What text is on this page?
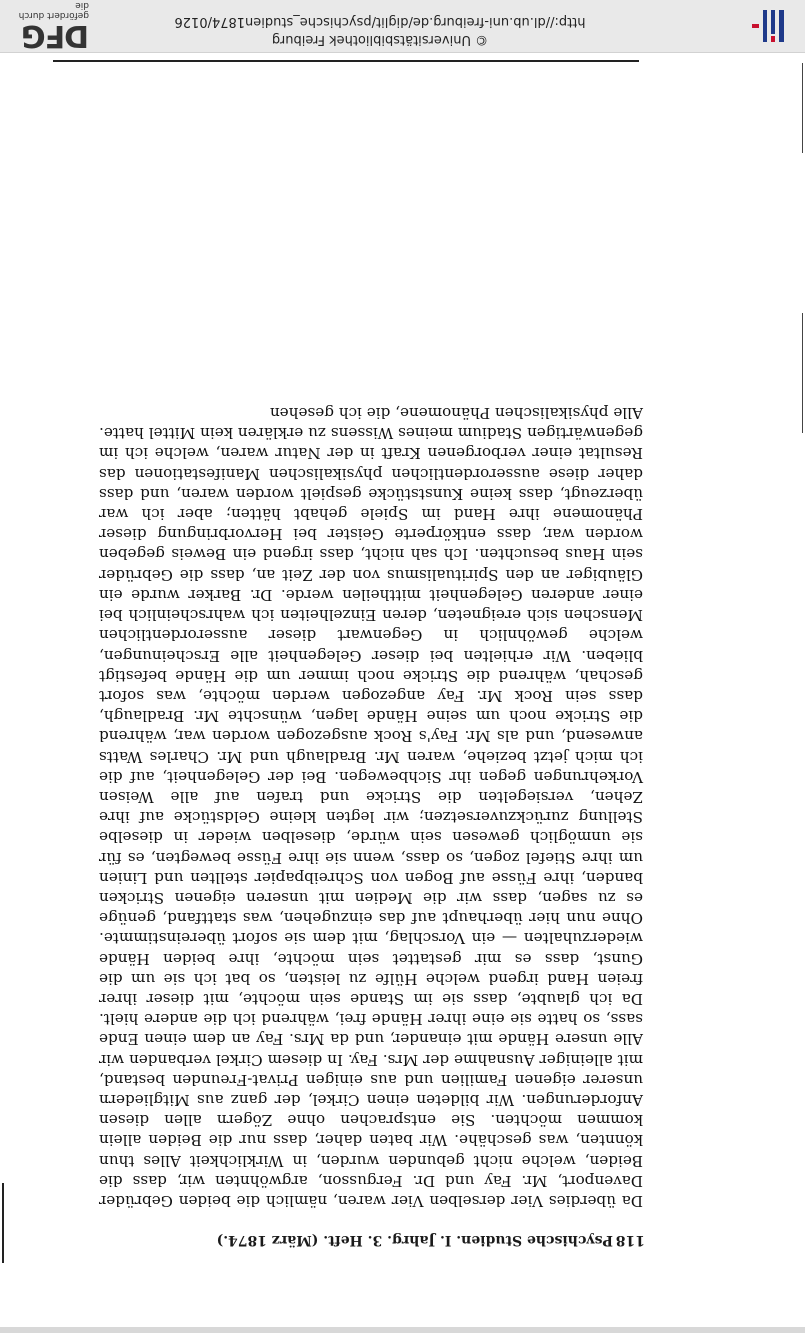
118
Psychische Studien. I. Jahrg. 3. Heft. (März 1874.)

Da überdies Vier derselben Vier waren, nämlich die beiden Gebrüder Davenport, Mr. Fay und Dr. Fergusson, argwöhnten wir, dass die Beiden, welche nicht gebunden wurden, in Wirklichkeit Alles thun könnten, was geschähe. Wir baten daher, dass nur die Beiden allein kommen möchten. Sie entsprachen ohne Zögern allen diesen Anforderungen. Wir bildeten einen Cirkel, der ganz aus Mitgliedern unserer eigenen Familien und aus einigen Privat-Freunden bestand, mit alleiniger Ausnahme der Mrs. Fay. In diesem Cirkel verbanden wir Alle unsere Hände mit einander, und da Mrs. Fay an dem einen Ende sass, so hatte sie eine ihrer Hände frei, während ich die andere hielt. Da ich glaubte, dass sie im Stande sein möchte, mit dieser ihrer freien Hand irgend welche Hülfe zu leisten, so bat ich sie um die Gunst, dass es mir gestattet sein möchte, ihre beiden Hände wiederzuhalten — ein Vorschlag, mit dem sie sofort übereinstimmte. Ohne nun hier überhaupt auf das einzugehen, was stattfand, genüge es zu sagen, dass wir die Medien mit unseren eigenen Stricken banden, ihre Füsse auf Bogen von Schreibpapier stellten und Linien um ihre Stiefel zogen, so dass, wenn sie ihre Füsse bewegten, es für sie unmöglich gewesen sein würde, dieselben wieder in dieselbe Stellung zurückzuversetzen; wir legten kleine Geldstücke auf ihre Zehen, versiegelten die Stricke und trafen auf alle Weisen Vorkehrungen gegen ihr Sichbewegen. Bei der Gelegenheit, auf die ich mich jetzt beziehe, waren Mr. Bradlaugh und Mr. Charles Watts anwesend, und als Mr. Fay's Rock ausgezogen worden war, während die Stricke noch um seine Hände lagen, wünschte Mr. Bradlaugh, dass sein Rock Mr. Fay angezogen werden möchte, was sofort geschah, während die Stricke noch immer um die Hände befestigt blieben. Wir erhielten bei dieser Gelegenheit alle Erscheinungen, welche gewöhnlich in Gegenwart dieser ausserordentlichen Menschen sich ereigneten, deren Einzelheiten ich wahrscheinlich bei einer anderen Gelegenheit mittheilen werde. Dr. Barker wurde ein Gläubiger an den Spiritualismus von der Zeit an, dass die Gebrüder sein Haus besuchten. Ich sah nicht, dass irgend ein Beweis gegeben worden war, dass entkörperte Geister bei Hervorbringung dieser Phänomene ihre Hand im Spiele gehabt hätten; aber ich war überzeugt, dass keine Kunststücke gespielt worden waren, und dass daher diese ausserordentlichen physikalischen Manifestationen das Resultat einer verborgenen Kraft in der Natur waren, welche ich im gegenwärtigen Stadium meines Wissens zu erklären kein Mittel hatte. Alle physikalischen Phänomene, die ich gesehen

© Universitätsbibliothek Freiburg
http://dl.ub.uni-freiburg.de/diglit/psychische_studien1874/0126
DFG
gefördert durch die
